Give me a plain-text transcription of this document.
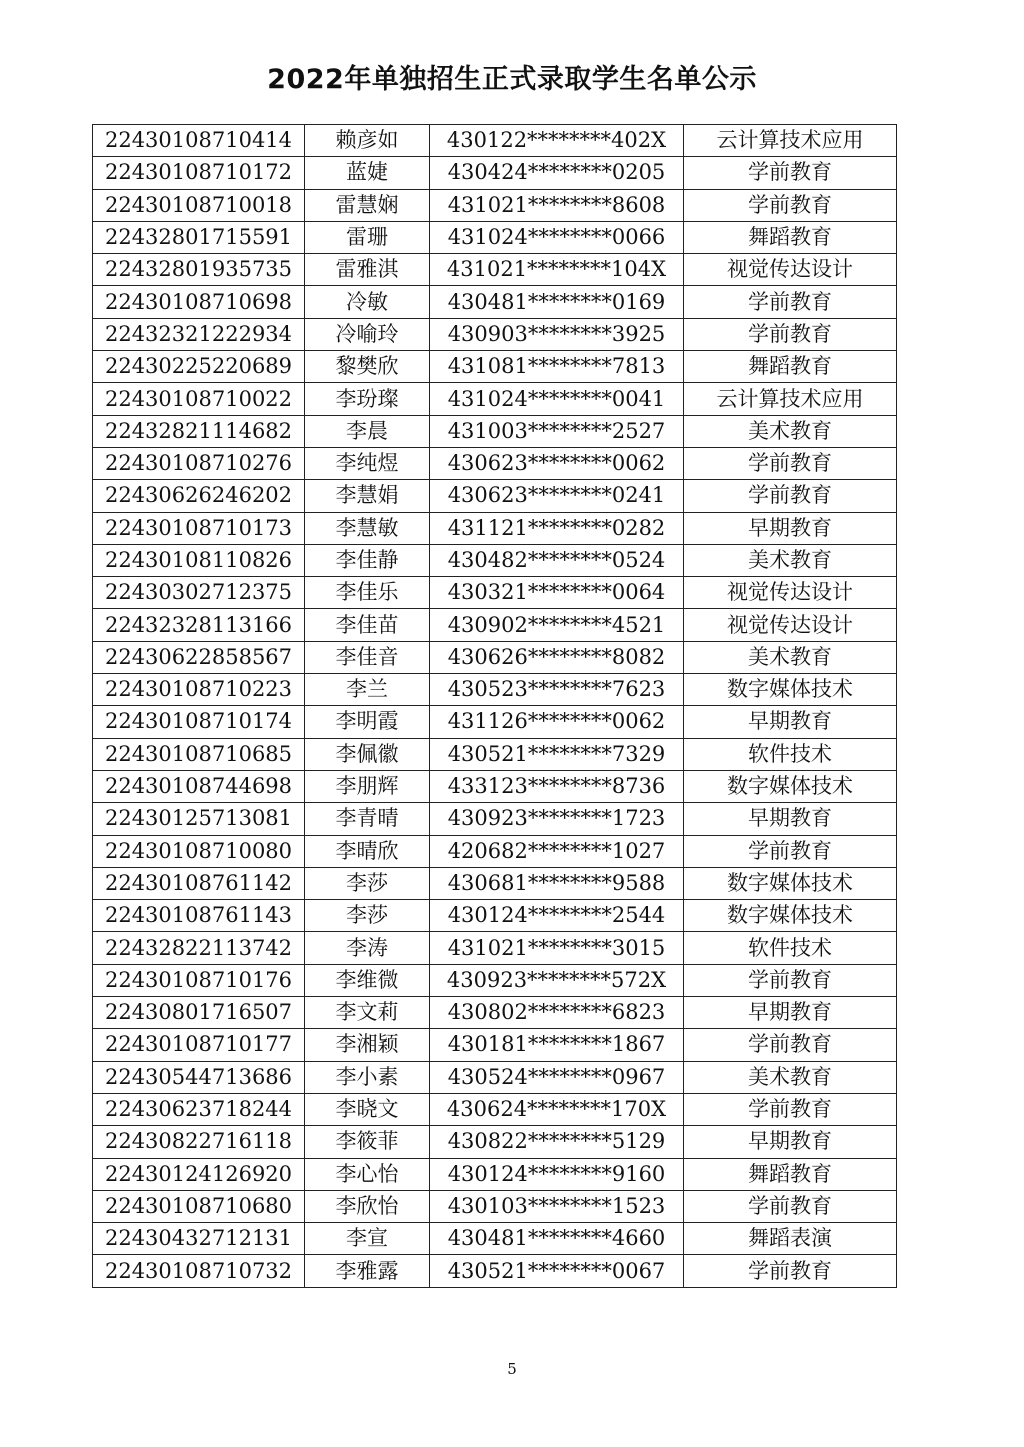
2022年单独招生正式录取学生名单公示
22430108710414	赖彦如	430122********402X	云计算技术应用
22430108710172	蓝婕	430424********0205	学前教育
22430108710018	雷慧娴	431021********8608	学前教育
22432801715591	雷珊	431024********0066	舞蹈教育
22432801935735	雷雅淇	431021********104X	视觉传达设计
22430108710698	冷敏	430481********0169	学前教育
22432321222934	冷喻玲	430903********3925	学前教育
22430225220689	黎樊欣	431081********7813	舞蹈教育
22430108710022	李玢璨	431024********0041	云计算技术应用
22432821114682	李晨	431003********2527	美术教育
22430108710276	李纯煜	430623********0062	学前教育
22430626246202	李慧娟	430623********0241	学前教育
22430108710173	李慧敏	431121********0282	早期教育
22430108110826	李佳静	430482********0524	美术教育
22430302712375	李佳乐	430321********0064	视觉传达设计
22432328113166	李佳苗	430902********4521	视觉传达设计
22430622858567	李佳音	430626********8082	美术教育
22430108710223	李兰	430523********7623	数字媒体技术
22430108710174	李明霞	431126********0062	早期教育
22430108710685	李佩徽	430521********7329	软件技术
22430108744698	李朋辉	433123********8736	数字媒体技术
22430125713081	李青晴	430923********1723	早期教育
22430108710080	李晴欣	420682********1027	学前教育
22430108761142	李莎	430681********9588	数字媒体技术
22430108761143	李莎	430124********2544	数字媒体技术
22432822113742	李涛	431021********3015	软件技术
22430108710176	李维微	430923********572X	学前教育
22430801716507	李文莉	430802********6823	早期教育
22430108710177	李湘颖	430181********1867	学前教育
22430544713686	李小素	430524********0967	美术教育
22430623718244	李晓文	430624********170X	学前教育
22430822716118	李筱菲	430822********5129	早期教育
22430124126920	李心怡	430124********9160	舞蹈教育
22430108710680	李欣怡	430103********1523	学前教育
22430432712131	李宣	430481********4660	舞蹈表演
22430108710732	李雅露	430521********0067	学前教育
5
